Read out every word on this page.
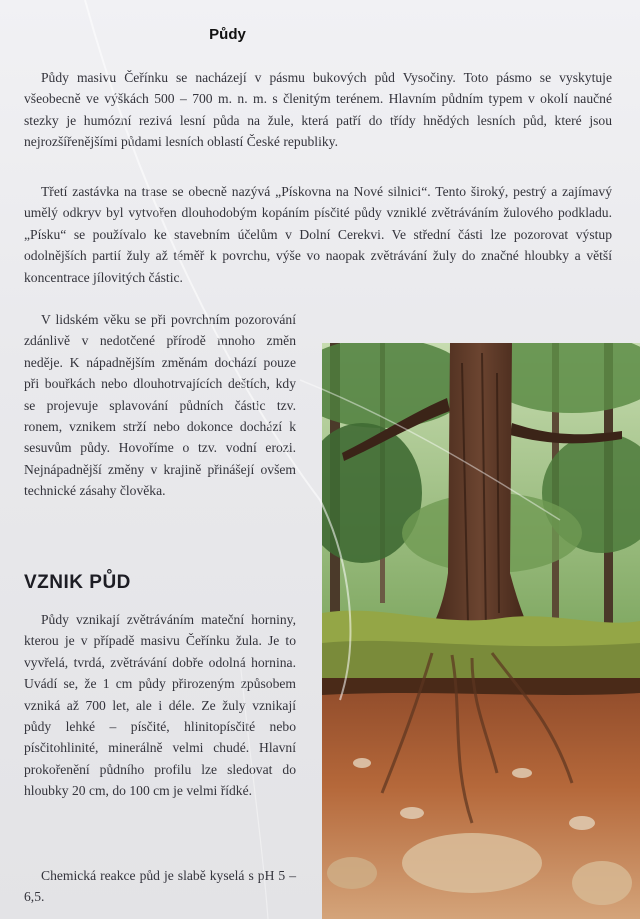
Půdy

Půdy masivu Čeřínku se nacházejí v pásmu bukových půd Vysočiny. Toto pásmo se vyskytuje všeobecně ve výškách 500 – 700 m. n. m. s členitým terénem. Hlavním půdním typem v okolí naučné stezky je humózní rezivá lesní půda na žule, která patří do třídy hnědých lesních půd, které jsou nejrozšířenějšími půdami lesních oblastí České republiky.

Třetí zastávka na trase se obecně nazývá „Pískovna na Nové silnici“. Tento široký, pestrý a zajímavý umělý odkryv byl vytvořen dlouhodobým kopáním písčité půdy vzniklé zvětráváním žulového podkladu. „Písku“ se používalo ke stavebním účelům v Dolní Cerekvi. Ve střední části lze pozorovat výstup odolnějších partií žuly až téměř k povrchu, výše vo naopak zvětrávání žuly do značné hloubky a větší koncentrace jílovitých částic.

V lidském věku se při povrchním pozorování zdánlivě v nedotčené přírodě mnoho změn neděje. K nápadnějším změnám dochází pouze při bouřkách nebo dlouhotrvajících deštích, kdy se projevuje splavování půdních částic tzv. ronem, vznikem strží nebo dokonce dochází k sesuvům půdy. Hovoříme o tzv. vodní erozi. Nejnápadnější změny v krajině přinášejí ovšem technické zásahy člověka.

VZNIK PŮD

Půdy vznikají zvětráváním mateční horniny, kterou je v případě masivu Čeřínku žula. Je to vyvřelá, tvrdá, zvětrávání dobře odolná hornina. Uvádí se, že 1 cm půdy přirozeným způsobem vzniká až 700 let, ale i déle. Ze žuly vznikají půdy lehké – písčité, hlinitopísčité nebo písčitohlinité, minerálně velmi chudé. Hlavní prokořenění půdního profilu lze sledovat do hloubky 20 cm, do 100 cm je velmi řídké.

Chemická reakce půd je slabě kyselá s pH 5 – 6,5.
